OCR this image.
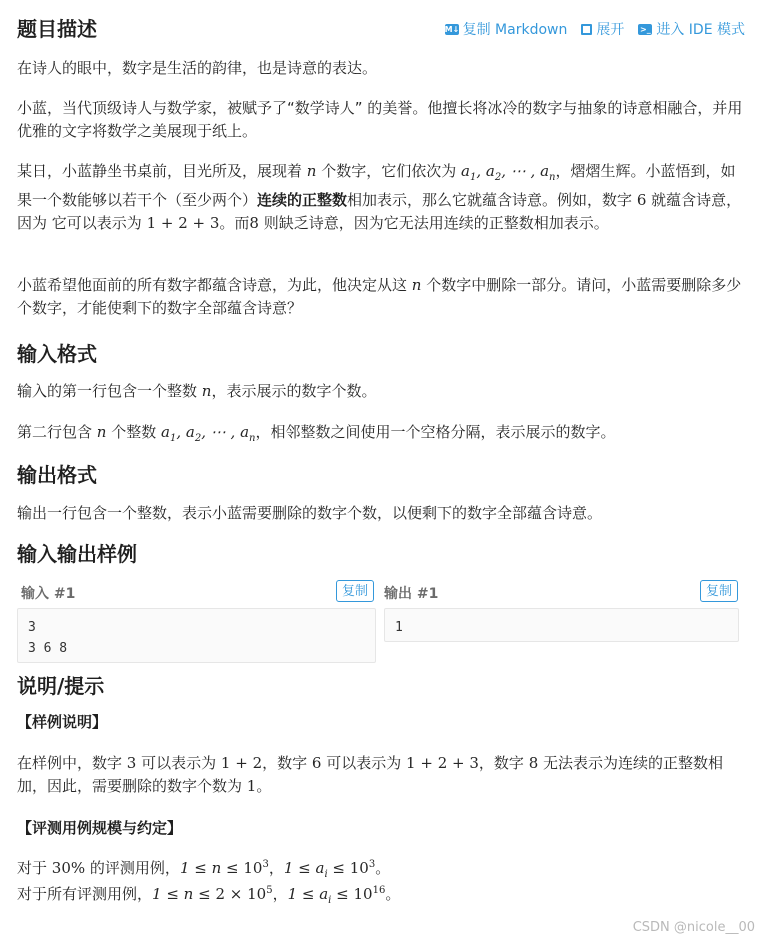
题目描述	M↓ 复制 Markdown 展开 >_ 进入 IDE 模式

在诗人的眼中，数字是生活的韵律，也是诗意的表达。

小蓝，当代顶级诗人与数学家，被赋予了“数学诗人” 的美誉。他擅长将冰冷的数字与抽象的诗意相融合，并用优雅的文字将数学之美展现于纸上。

某日，小蓝静坐书桌前，目光所及，展现着 n 个数字，它们依次为 $a_1$, $a_2$, ⋯ , $a_n$，熠熠生辉。小蓝悟到，如果一个数能够以若干个（至少两个）连续的正整数相加表示，那么它就蕴含诗意。例如，数字 6 就蕴含诗意，因为 它可以表示为 1 + 2 + 3。而8 则缺乏诗意，因为它无法用连续的正整数相加表示。

小蓝希望他面前的所有数字都蕴含诗意，为此，他决定从这 n 个数字中删除一部分。请问，小蓝需要删除多少个数字，才能使剩下的数字全部蕴含诗意？

输入格式

输入的第一行包含一个整数 n，表示展示的数字个数。

第二行包含 n 个整数 $a_1$, $a_2$, ⋯ , $a_n$，相邻整数之间使用一个空格分隔，表示展示的数字。

输出格式

输出一行包含一个整数，表示小蓝需要删除的数字个数，以便剩下的数字全部蕴含诗意。

输入输出样例
输入 #1	复制
3
3 6 8
输出 #1	复制
1
说明/提示
【样例说明】

在样例中，数字 3 可以表示为 1 + 2，数字 6 可以表示为 1 + 2 + 3，数字 8 无法表示为连续的正整数相加，因此，需要删除的数字个数为 1。

【评测用例规模与约定】

对于 30% 的评测用例，$1 \le n \le 10^3$，$1 \le a_i \le 10^3$。

对于所有评测用例，$1 \le n \le 2 \times 10^5$，$1 \le a_i \le 10^{16}$。

CSDN @nicole__00
